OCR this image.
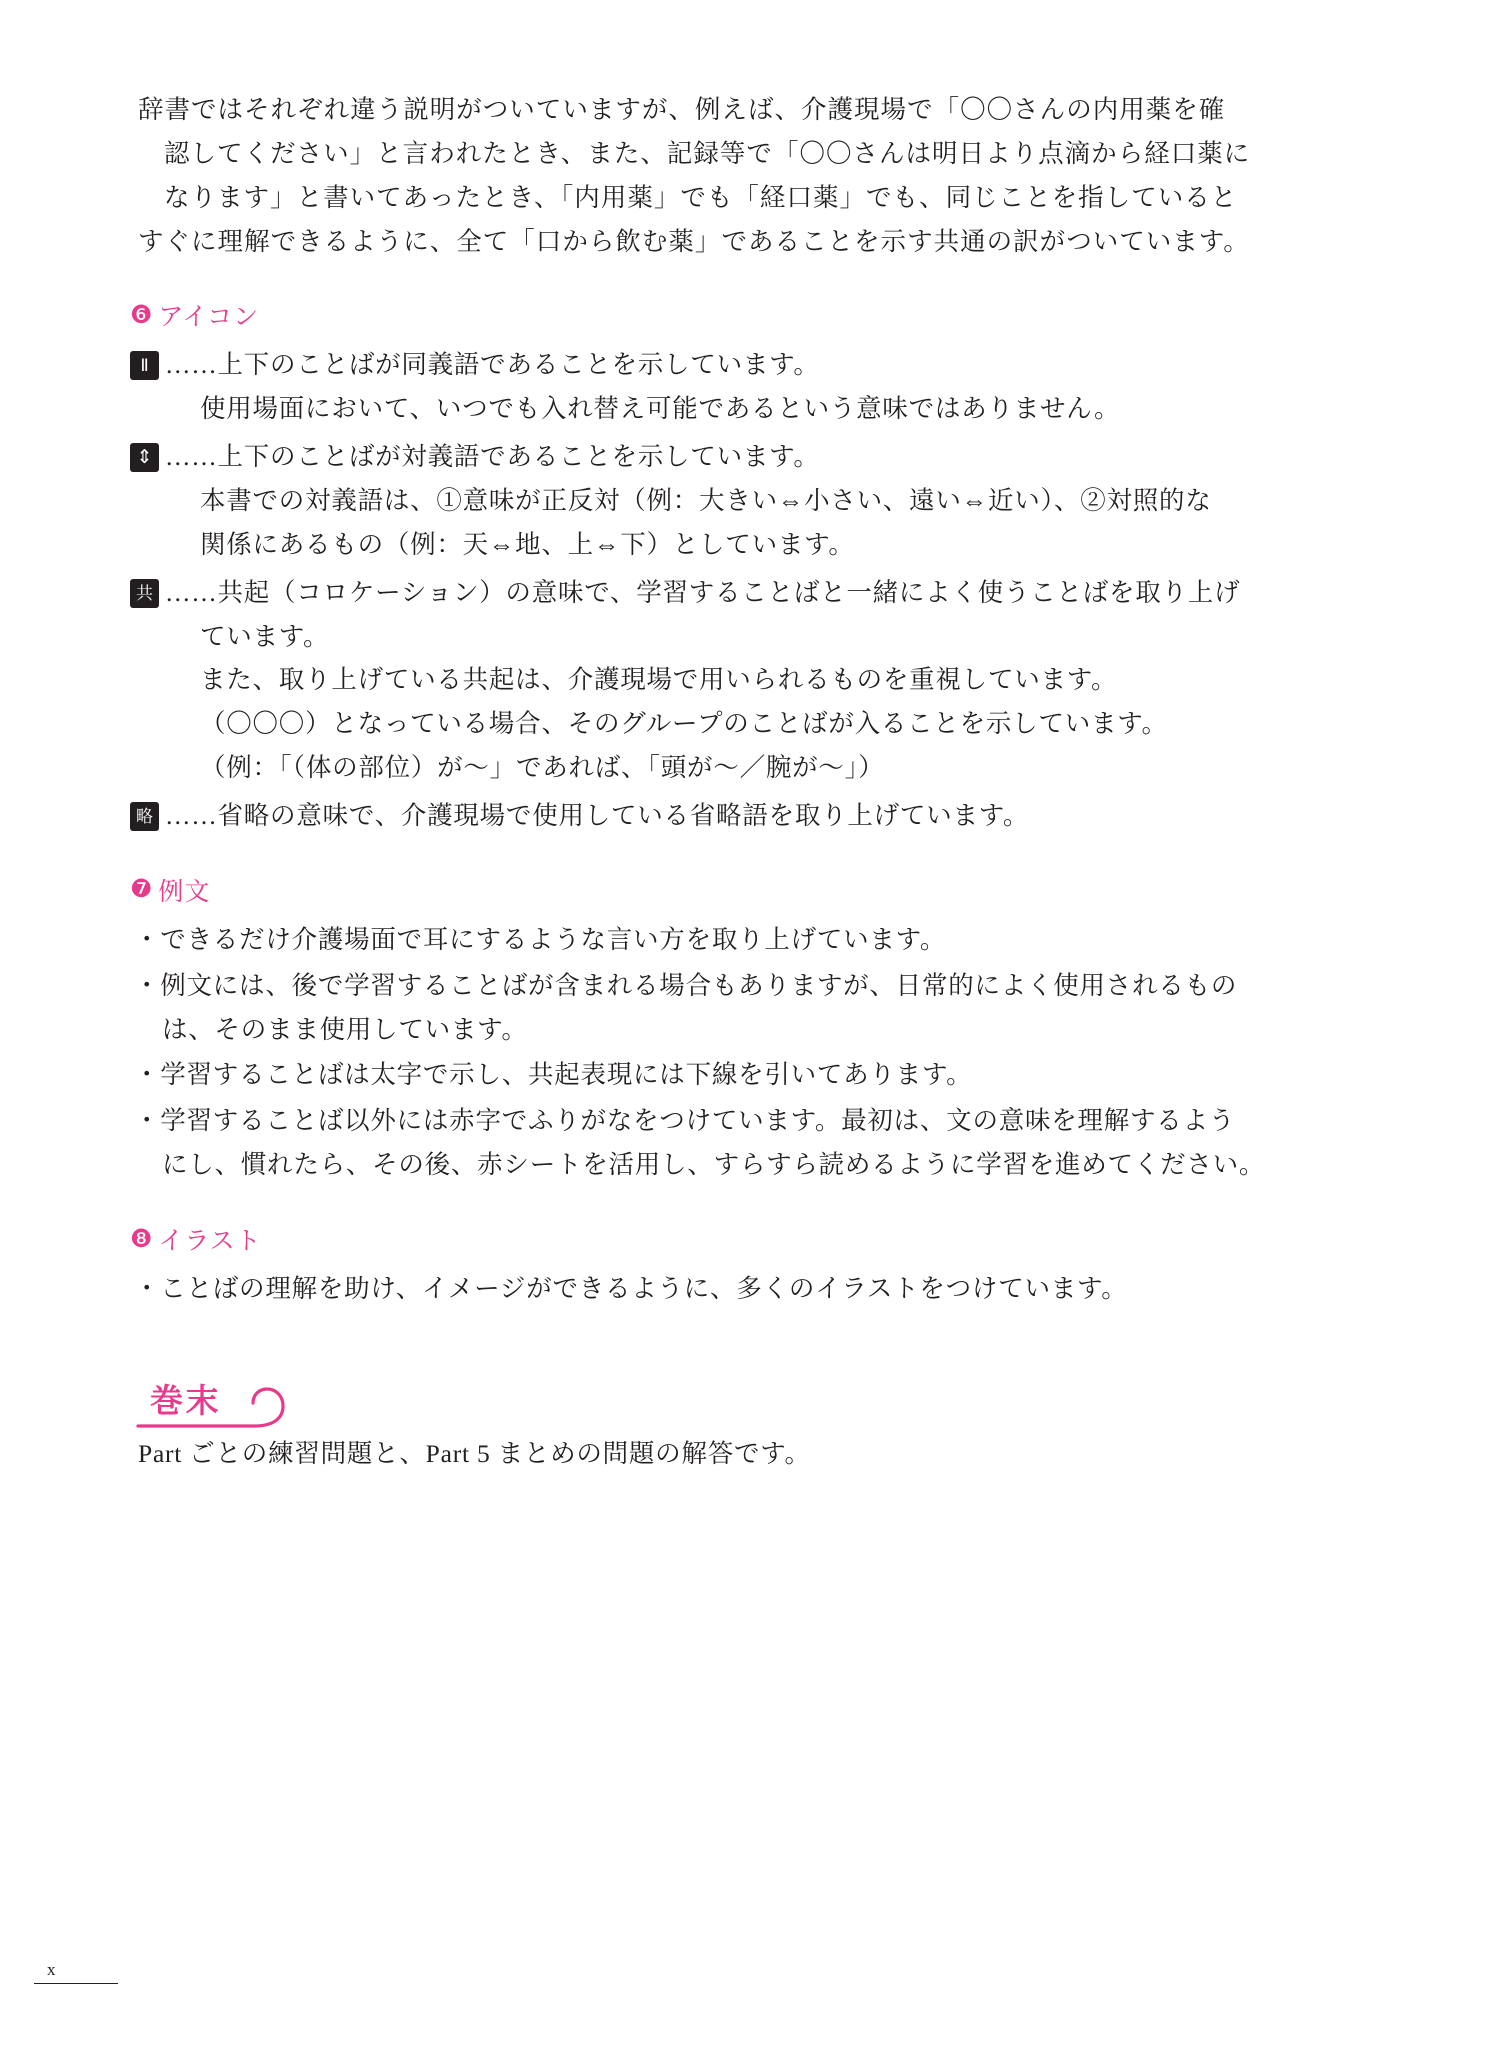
辞書ではそれぞれ違う説明がついていますが、例えば、介護現場で「〇〇さんの内用薬を確
認してください」と言われたとき、また、記録等で「〇〇さんは明日より点滴から経口薬に
なります」と書いてあったとき、「内用薬」でも「経口薬」でも、同じことを指していると
すぐに理解できるように、全て「口から飲む薬」であることを示す共通の訳がついています。
❻ アイコン
Ⅱ ……上下のことばが同義語であることを示しています。
使用場面において、いつでも入れ替え可能であるという意味ではありません。
⇕ ……上下のことばが対義語であることを示しています。
本書での対義語は、①意味が正反対（例：大きい⇔小さい、遠い⇔近い）、②対照的な
関係にあるもの（例：天⇔地、上⇔下）としています。
共 ……共起（コロケーション）の意味で、学習することばと一緒によく使うことばを取り上げ
ています。
また、取り上げている共起は、介護現場で用いられるものを重視しています。
（〇〇〇）となっている場合、そのグループのことばが入ることを示しています。
（例：「（体の部位）が〜」であれば、「頭が〜／腕が〜」）
略 ……省略の意味で、介護現場で使用している省略語を取り上げています。
❼ 例文
・できるだけ介護場面で耳にするような言い方を取り上げています。
・例文には、後で学習することばが含まれる場合もありますが、日常的によく使用されるもの
は、そのまま使用しています。
・学習することばは太字で示し、共起表現には下線を引いてあります。
・学習することば以外には赤字でふりがなをつけています。最初は、文の意味を理解するよう
にし、慣れたら、その後、赤シートを活用し、すらすら読めるように学習を進めてください。
❽ イラスト
・ことばの理解を助け、イメージができるように、多くのイラストをつけています。
巻末
Part ごとの練習問題と、Part 5 まとめの問題の解答です。
x
